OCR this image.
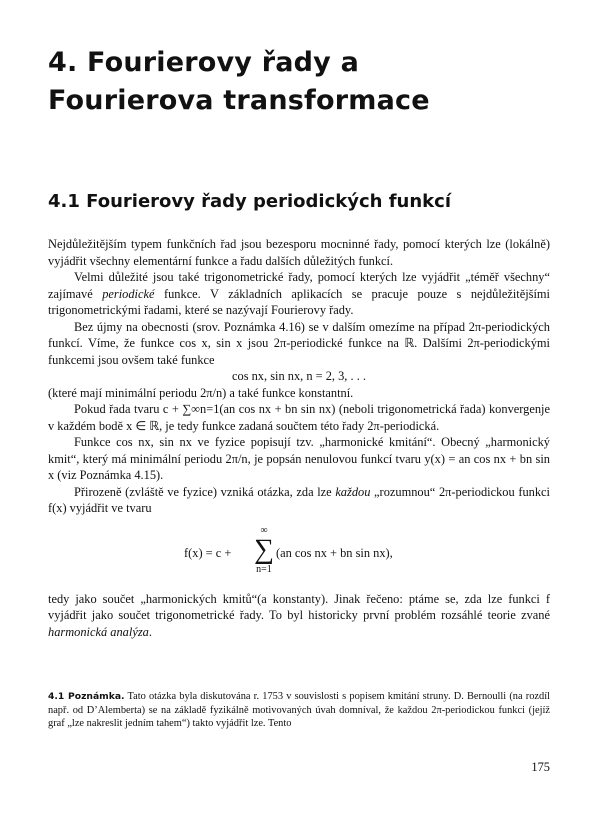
4. Fourierovy řady a
Fourierova transformace
4.1 Fourierovy řady periodických funkcí

Nejdůležitějším typem funkčních řad jsou bezesporu mocninné řady, pomocí kterých lze (lokálně) vyjádřit všechny elementární funkce a řadu dalších důležitých funkcí.

Velmi důležité jsou také trigonometrické řady, pomocí kterých lze vyjádřit „téměř všechny“ zajímavé periodické funkce. V základních aplikacích se pracuje pouze s nejdůležitějšími trigonometrickými řadami, které se nazývají Fourierovy řady.

Bez újmy na obecnosti (srov. Poznámka 4.16) se v dalším omezíme na případ 2π-periodických funkcí. Víme, že funkce cos x, sin x jsou 2π-periodické funkce na ℝ. Dalšími 2π-periodickými funkcemi jsou ovšem také funkce

cos nx, sin nx, n = 2, 3, . . .

(které mají minimální periodu 2π/n) a také funkce konstantní.

Pokud řada tvaru c + ∑∞n=1(an cos nx + bn sin nx) (neboli trigonometrická řada) konvergenje v každém bodě x ∈ ℝ, je tedy funkce zadaná součtem této řady 2π-periodická.

Funkce cos nx, sin nx ve fyzice popisují tzv. „harmonické kmitání“. Obecný „harmonický kmit“, který má minimální periodu 2π/n, je popsán nenulovou funkcí tvaru y(x) = an cos nx + bn sin x (viz Poznámka 4.15).

Přirozeně (zvláště ve fyzice) vzniká otázka, zda lze každou „rozumnou“ 2π-periodickou funkci f(x) vyjádřit ve tvaru

f(x) = c +
∞
∑
n=1
(an cos nx + bn sin nx),

tedy jako součet „harmonických kmitů“(a konstanty). Jinak řečeno: ptáme se, zda lze funkci f vyjádřit jako součet trigonometrické řady. To byl historicky první problém rozsáhlé teorie zvané harmonická analýza.

4.1 Poznámka. Tato otázka byla diskutována r. 1753 v souvislosti s popisem kmitání struny. D. Bernoulli (na rozdíl např. od D’Alemberta) se na základě fyzikálně motivovaných úvah domníval, že každou 2π-periodickou funkci (jejíž graf „lze nakreslit jedním tahem“) takto vyjádřit lze. Tento
175
